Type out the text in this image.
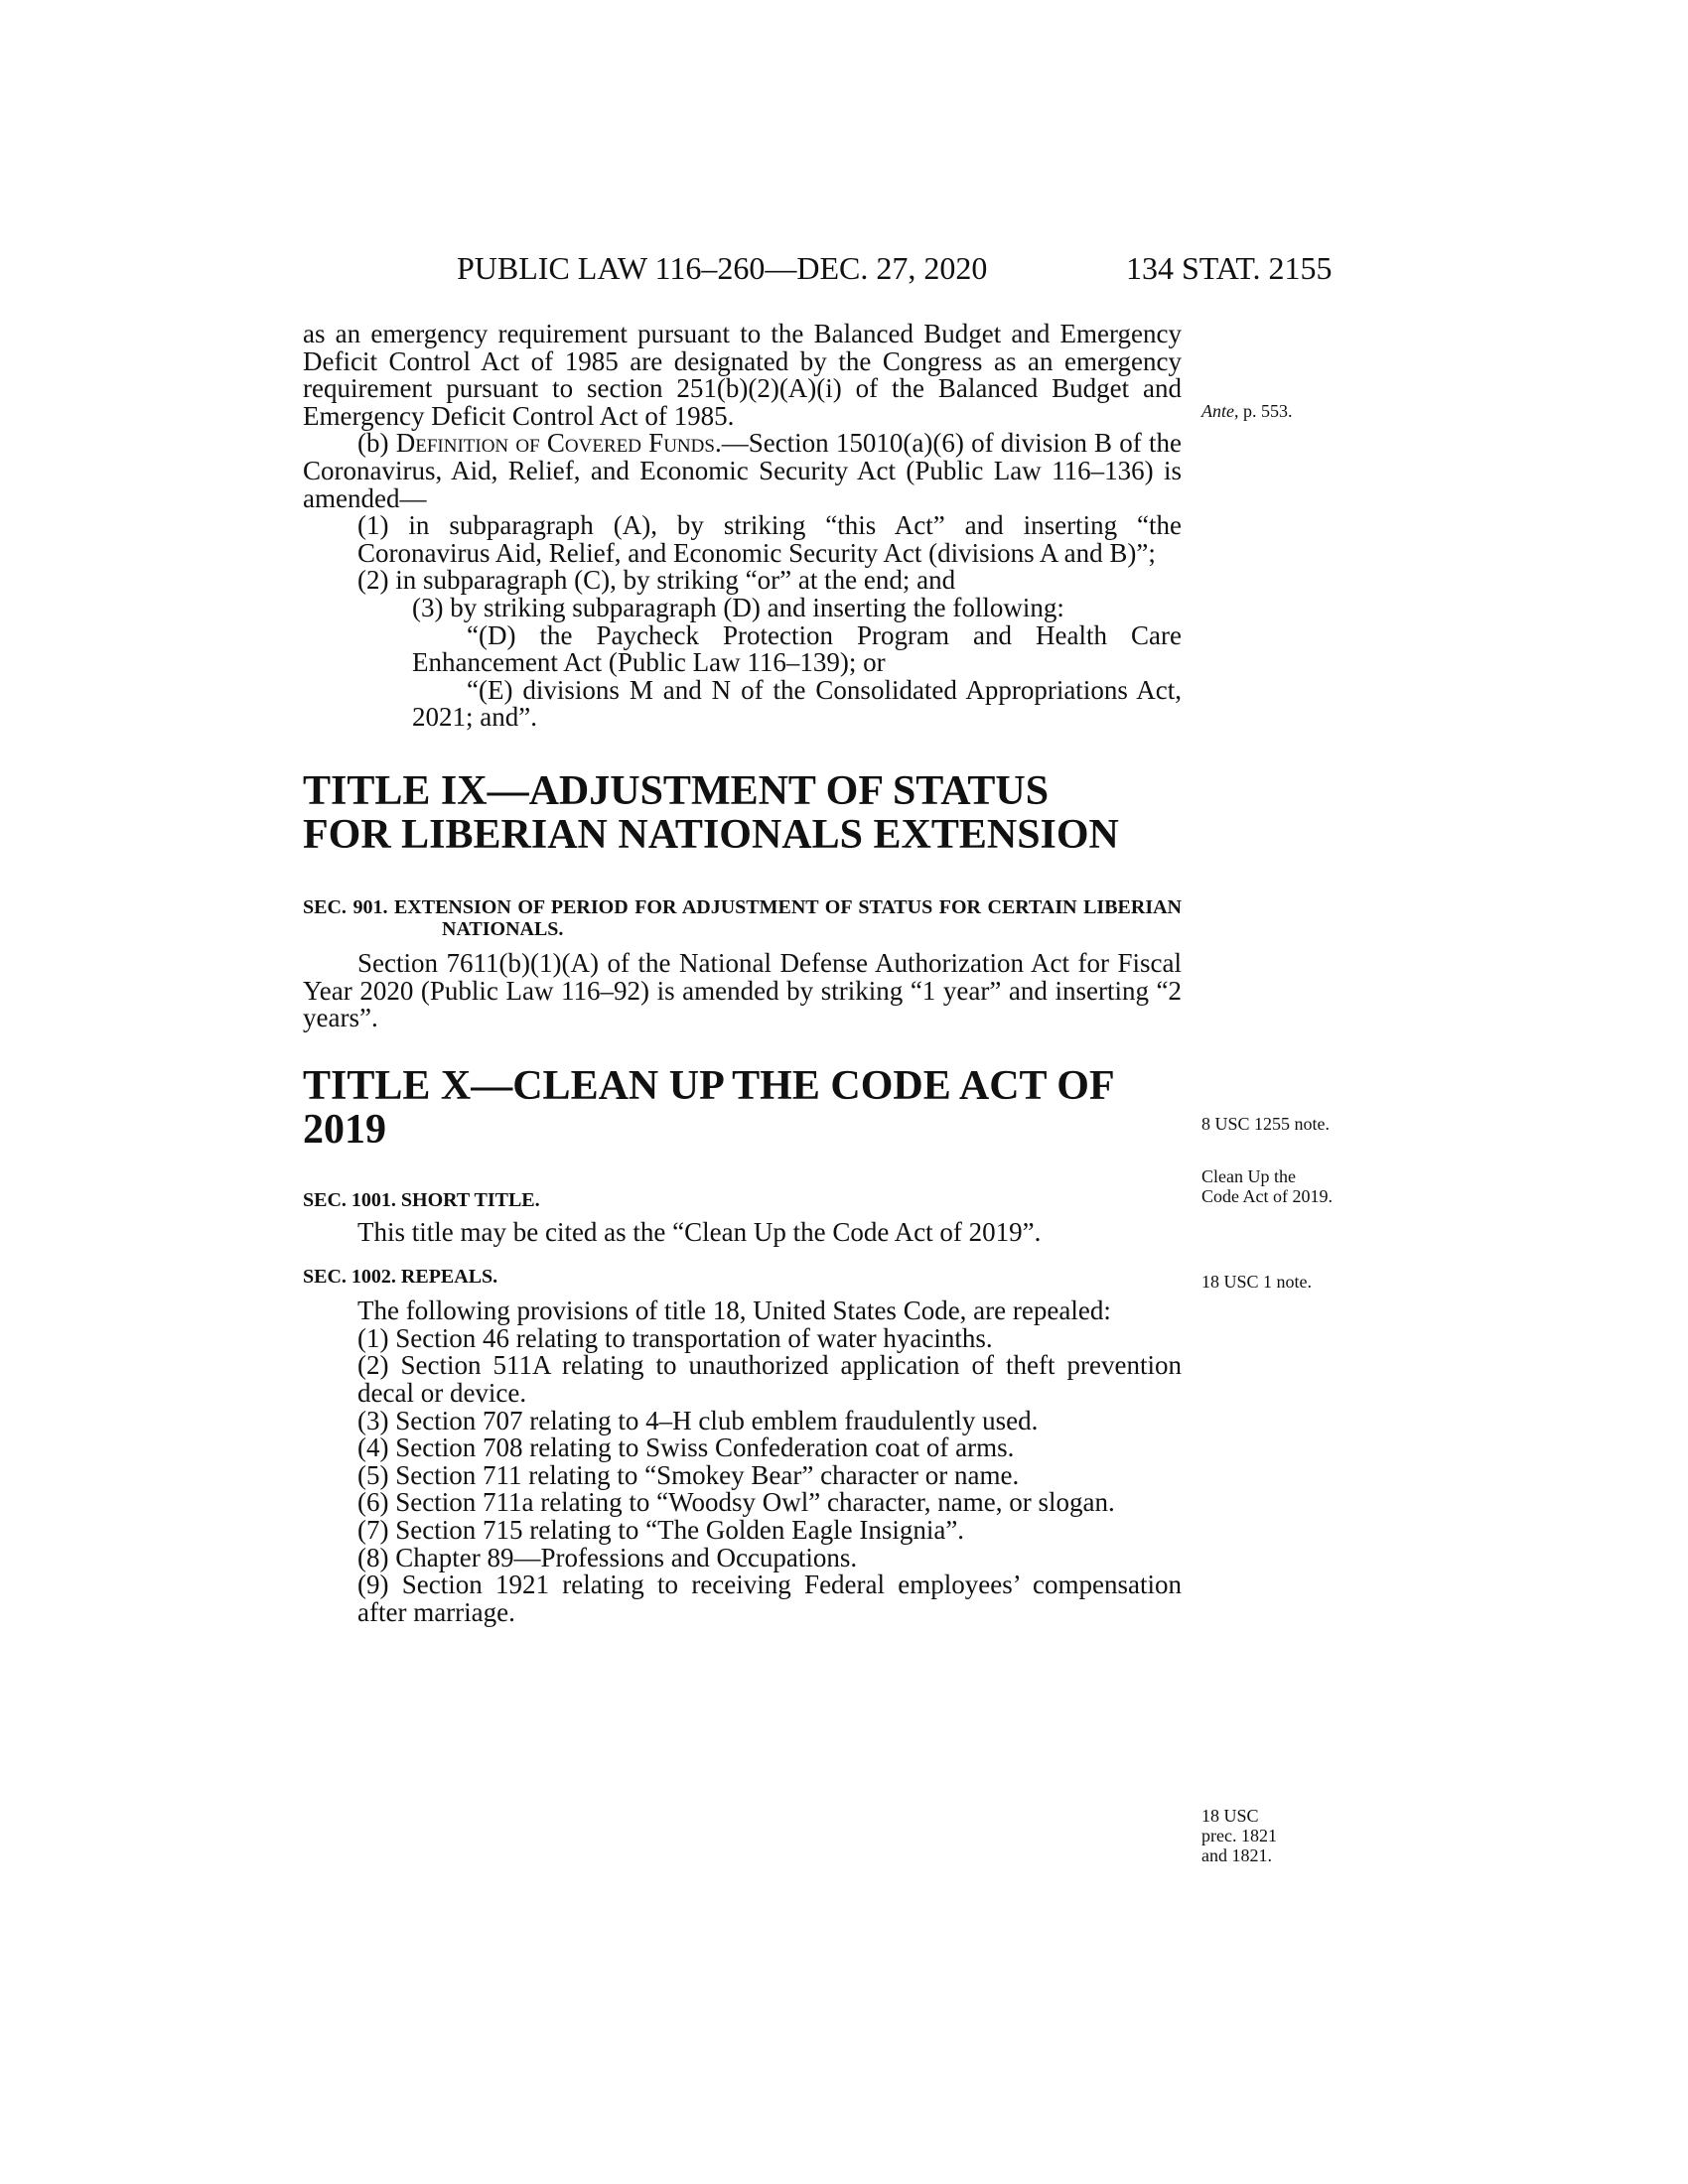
PUBLIC LAW 116–260—DEC. 27, 2020	134 STAT. 2155

as an emergency requirement pursuant to the Balanced Budget and Emergency Deficit Control Act of 1985 are designated by the Congress as an emergency requirement pursuant to section 251(b)(2)(A)(i) of the Balanced Budget and Emergency Deficit Control Act of 1985.

(b) Definition of Covered Funds.—Section 15010(a)(6) of division B of the Coronavirus, Aid, Relief, and Economic Security Act (Public Law 116–136) is amended—

(1) in subparagraph (A), by striking “this Act” and inserting “the Coronavirus Aid, Relief, and Economic Security Act (divisions A and B)”;

(2) in subparagraph (C), by striking “or” at the end; and

(3) by striking subparagraph (D) and inserting the following:

“(D) the Paycheck Protection Program and Health Care Enhancement Act (Public Law 116–139); or

“(E) divisions M and N of the Consolidated Appropriations Act, 2021; and”.

TITLE IX—ADJUSTMENT OF STATUS

FOR LIBERIAN NATIONALS EXTENSION

SEC. 901. EXTENSION OF PERIOD FOR ADJUSTMENT OF STATUS FOR CERTAIN LIBERIAN NATIONALS.

Section 7611(b)(1)(A) of the National Defense Authorization Act for Fiscal Year 2020 (Public Law 116–92) is amended by striking “1 year” and inserting “2 years”.

TITLE X—CLEAN UP THE CODE ACT OF

2019

SEC. 1001. SHORT TITLE.

This title may be cited as the “Clean Up the Code Act of 2019”.

SEC. 1002. REPEALS.

The following provisions of title 18, United States Code, are repealed:

(1) Section 46 relating to transportation of water hyacinths.

(2) Section 511A relating to unauthorized application of theft prevention decal or device.

(3) Section 707 relating to 4–H club emblem fraudulently used.

(4) Section 708 relating to Swiss Confederation coat of arms.

(5) Section 711 relating to “Smokey Bear” character or name.

(6) Section 711a relating to “Woodsy Owl” character, name, or slogan.

(7) Section 715 relating to “The Golden Eagle Insignia”.

(8) Chapter 89—Professions and Occupations.

(9) Section 1921 relating to receiving Federal employees’ compensation after marriage.

Ante, p. 553.
8 USC 1255 note.
Clean Up the
Code Act of 2019.
18 USC 1 note.
18 USC
prec. 1821
and 1821.
